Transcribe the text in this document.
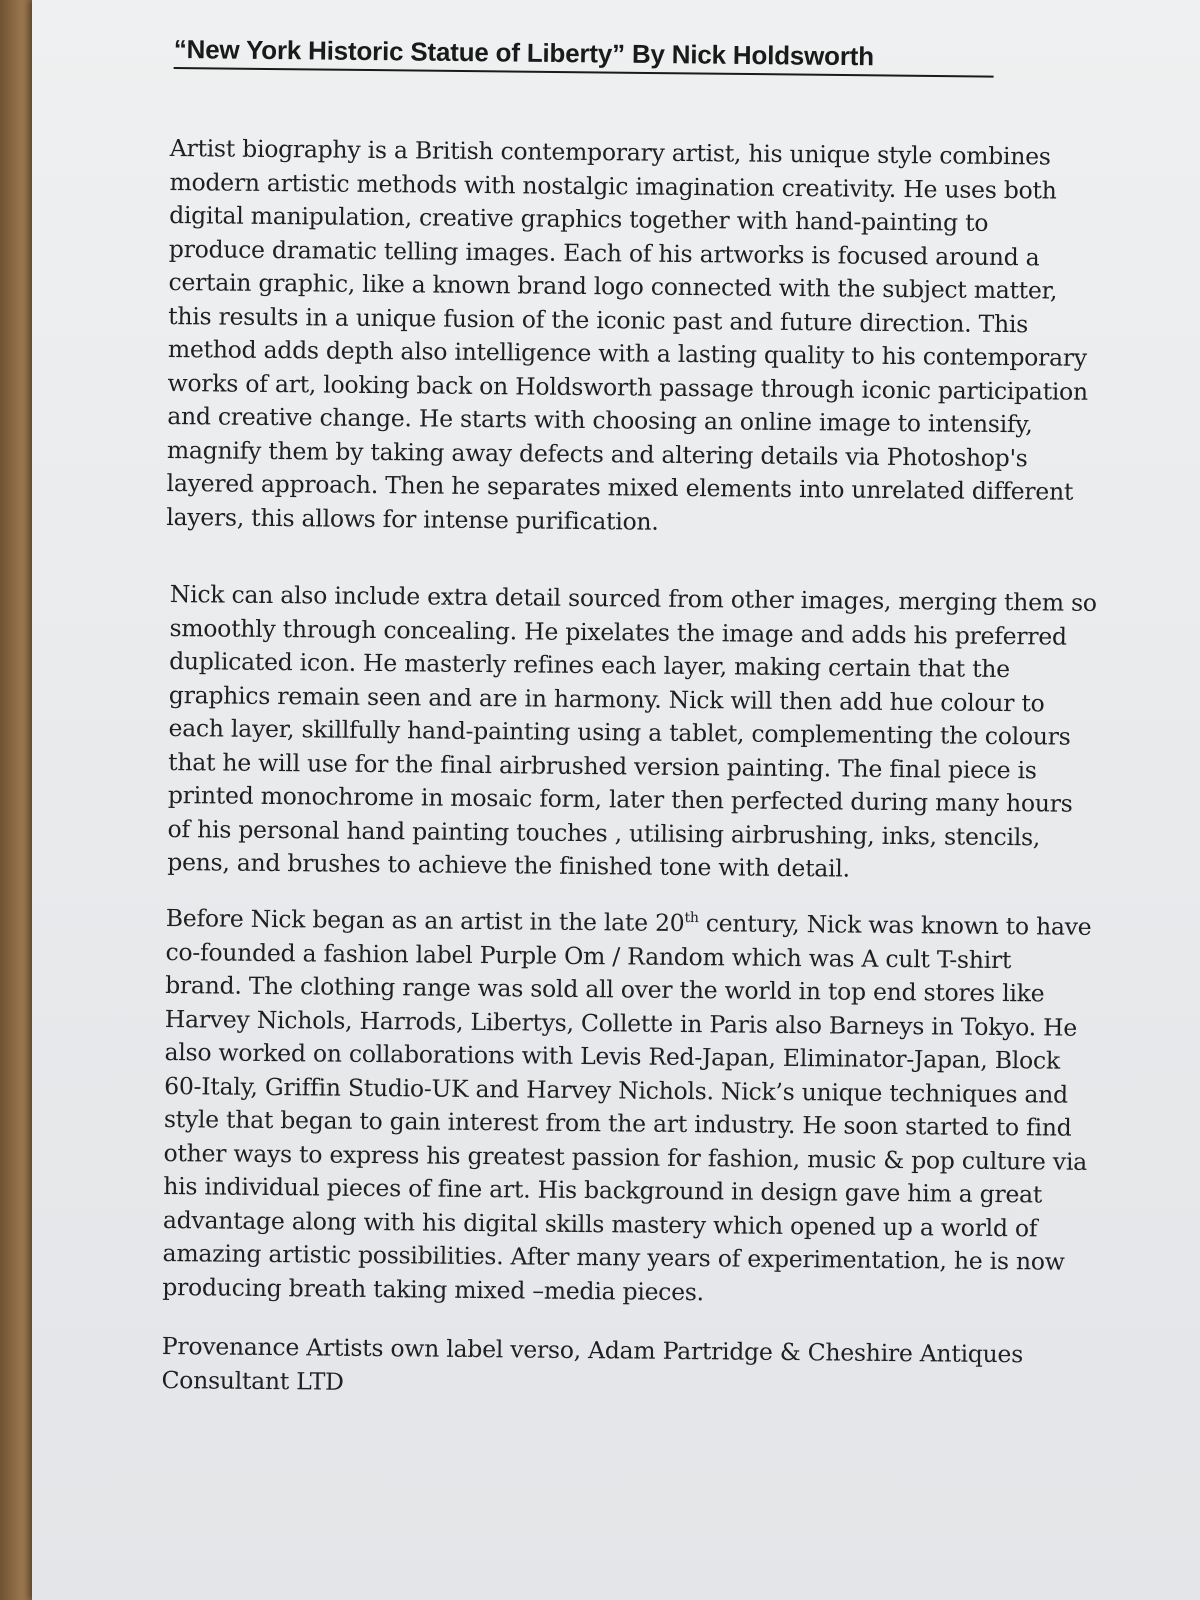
“New York Historic Statue of Liberty” By Nick Holdsworth

Artist biography is a British contemporary artist, his unique style combines
modern artistic methods with nostalgic imagination creativity. He uses both
digital manipulation, creative graphics together with hand-painting to
produce dramatic telling images. Each of his artworks is focused around a
certain graphic, like a known brand logo connected with the subject matter,
this results in a unique fusion of the iconic past and future direction. This
method adds depth also intelligence with a lasting quality to his contemporary
works of art, looking back on Holdsworth passage through iconic participation
and creative change. He starts with choosing an online image to intensify,
magnify them by taking away defects and altering details via Photoshop's
layered approach. Then he separates mixed elements into unrelated different
layers, this allows for intense purification.

Nick can also include extra detail sourced from other images, merging them so
smoothly through concealing. He pixelates the image and adds his preferred
duplicated icon. He masterly refines each layer, making certain that the
graphics remain seen and are in harmony. Nick will then add hue colour to
each layer, skillfully hand-painting using a tablet, complementing the colours
that he will use for the final airbrushed version painting. The final piece is
printed monochrome in mosaic form, later then perfected during many hours
of his personal hand painting touches , utilising airbrushing, inks, stencils,
pens, and brushes to achieve the finished tone with detail.

Before Nick began as an artist in the late 20th century, Nick was known to have
co-founded a fashion label Purple Om / Random which was A cult T-shirt
brand. The clothing range was sold all over the world in top end stores like
Harvey Nichols, Harrods, Libertys, Collette in Paris also Barneys in Tokyo. He
also worked on collaborations with Levis Red-Japan, Eliminator-Japan, Block
60-Italy, Griffin Studio-UK and Harvey Nichols. Nick’s unique techniques and
style that began to gain interest from the art industry. He soon started to find
other ways to express his greatest passion for fashion, music & pop culture via
his individual pieces of fine art. His background in design gave him a great
advantage along with his digital skills mastery which opened up a world of
amazing artistic possibilities. After many years of experimentation, he is now
producing breath taking mixed –media pieces.

Provenance Artists own label verso, Adam Partridge & Cheshire Antiques
Consultant LTD
